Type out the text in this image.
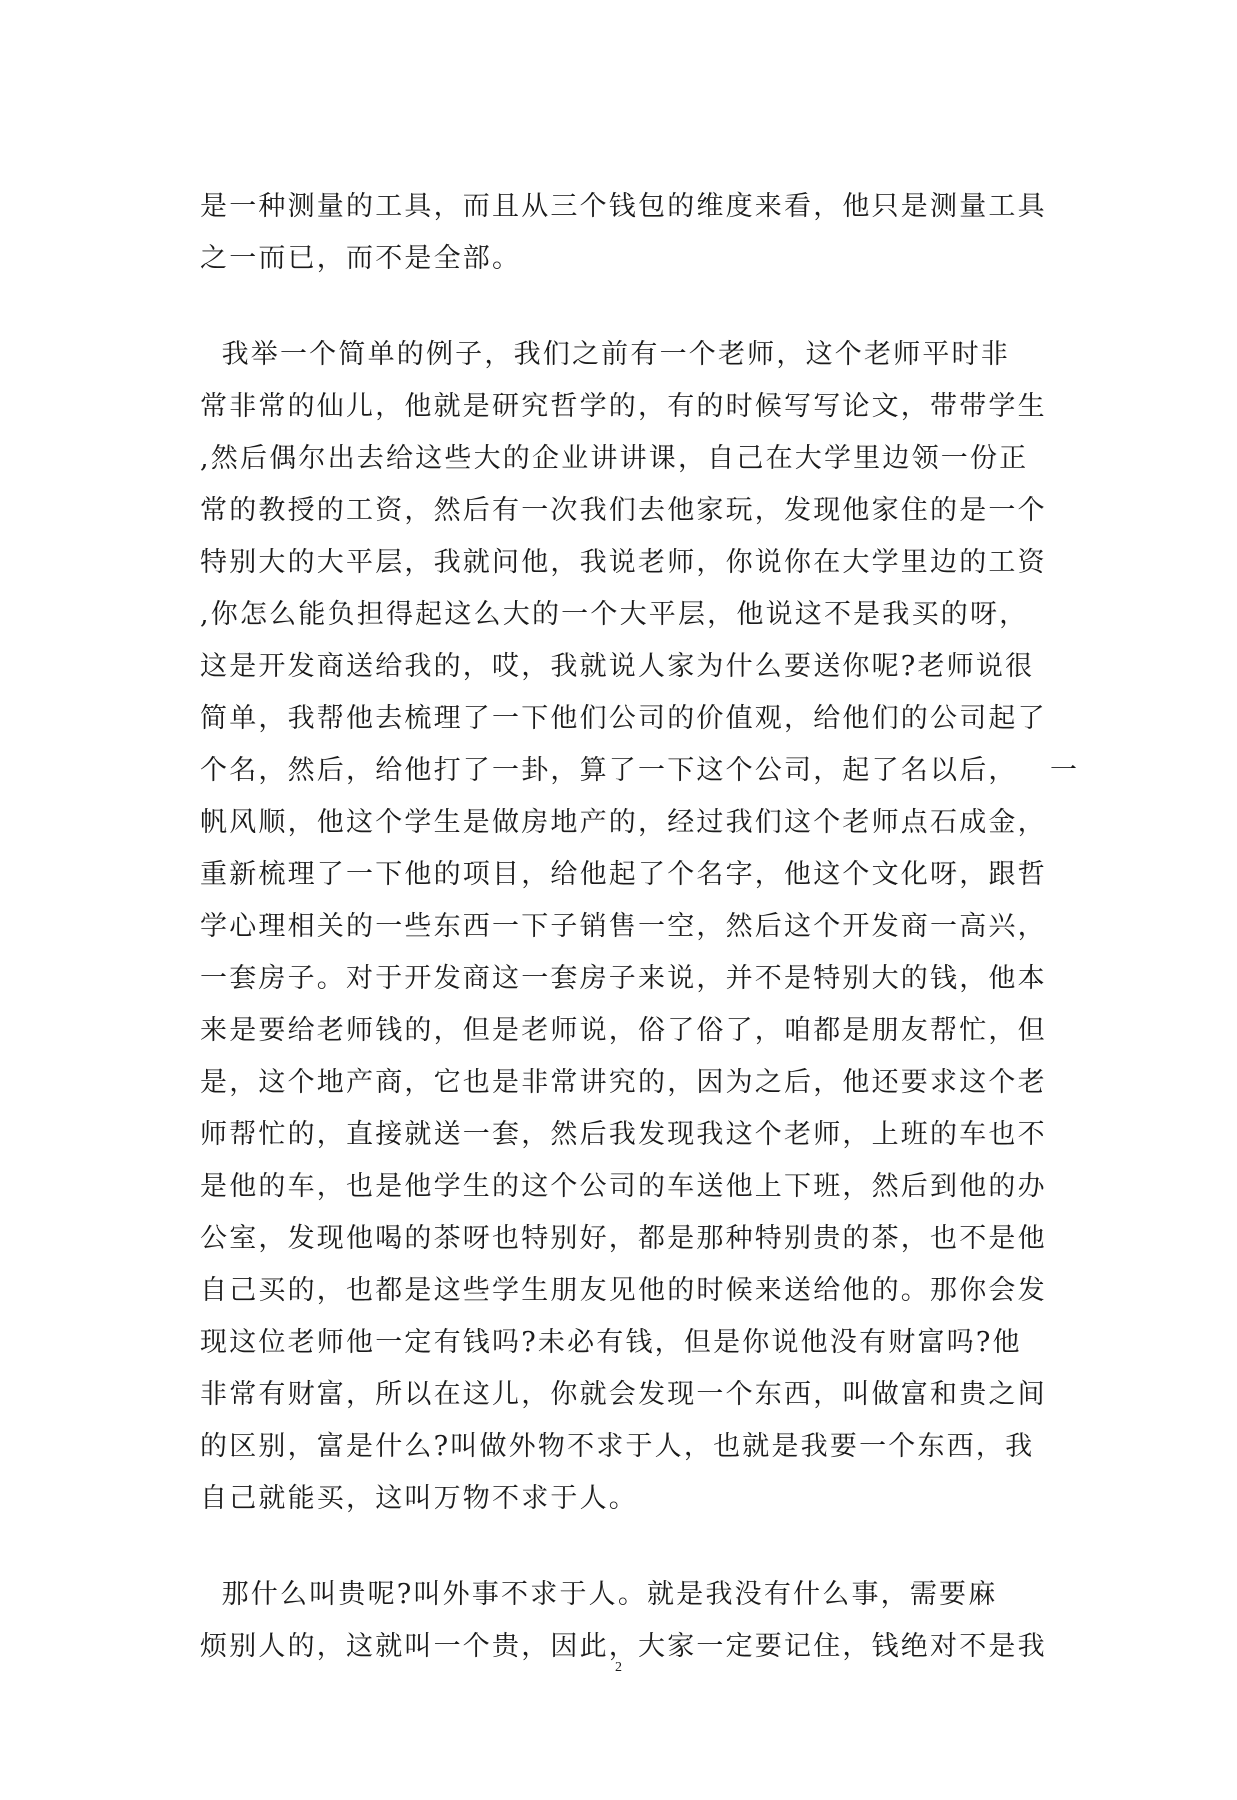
是一种测量的工具，而且从三个钱包的维度来看，他只是测量工具
之一而已，而不是全部。
我举一个简单的例子，我们之前有一个老师，这个老师平时非
常非常的仙儿，他就是研究哲学的，有的时候写写论文，带带学生
,然后偶尔出去给这些大的企业讲讲课，自己在大学里边领一份正
常的教授的工资，然后有一次我们去他家玩，发现他家住的是一个
特别大的大平层，我就问他，我说老师，你说你在大学里边的工资
,你怎么能负担得起这么大的一个大平层，他说这不是我买的呀，
这是开发商送给我的，哎，我就说人家为什么要送你呢?老师说很
简单，我帮他去梳理了一下他们公司的价值观，给他们的公司起了
个名，然后，给他打了一卦，算了一下这个公司，起了名以后，   一
帆风顺，他这个学生是做房地产的，经过我们这个老师点石成金，
重新梳理了一下他的项目，给他起了个名字，他这个文化呀，跟哲
学心理相关的一些东西一下子销售一空，然后这个开发商一高兴，
一套房子。对于开发商这一套房子来说，并不是特别大的钱，他本
来是要给老师钱的，但是老师说，俗了俗了，咱都是朋友帮忙，但
是，这个地产商，它也是非常讲究的，因为之后，他还要求这个老
师帮忙的，直接就送一套，然后我发现我这个老师，上班的车也不
是他的车，也是他学生的这个公司的车送他上下班，然后到他的办
公室，发现他喝的茶呀也特别好，都是那种特别贵的茶，也不是他
自己买的，也都是这些学生朋友见他的时候来送给他的。那你会发
现这位老师他一定有钱吗?未必有钱，但是你说他没有财富吗?他
非常有财富，所以在这儿，你就会发现一个东西，叫做富和贵之间
的区别，富是什么?叫做外物不求于人，也就是我要一个东西，我
自己就能买，这叫万物不求于人。
那什么叫贵呢?叫外事不求于人。就是我没有什么事，需要麻
烦别人的，这就叫一个贵，因此，大家一定要记住，钱绝对不是我
2
